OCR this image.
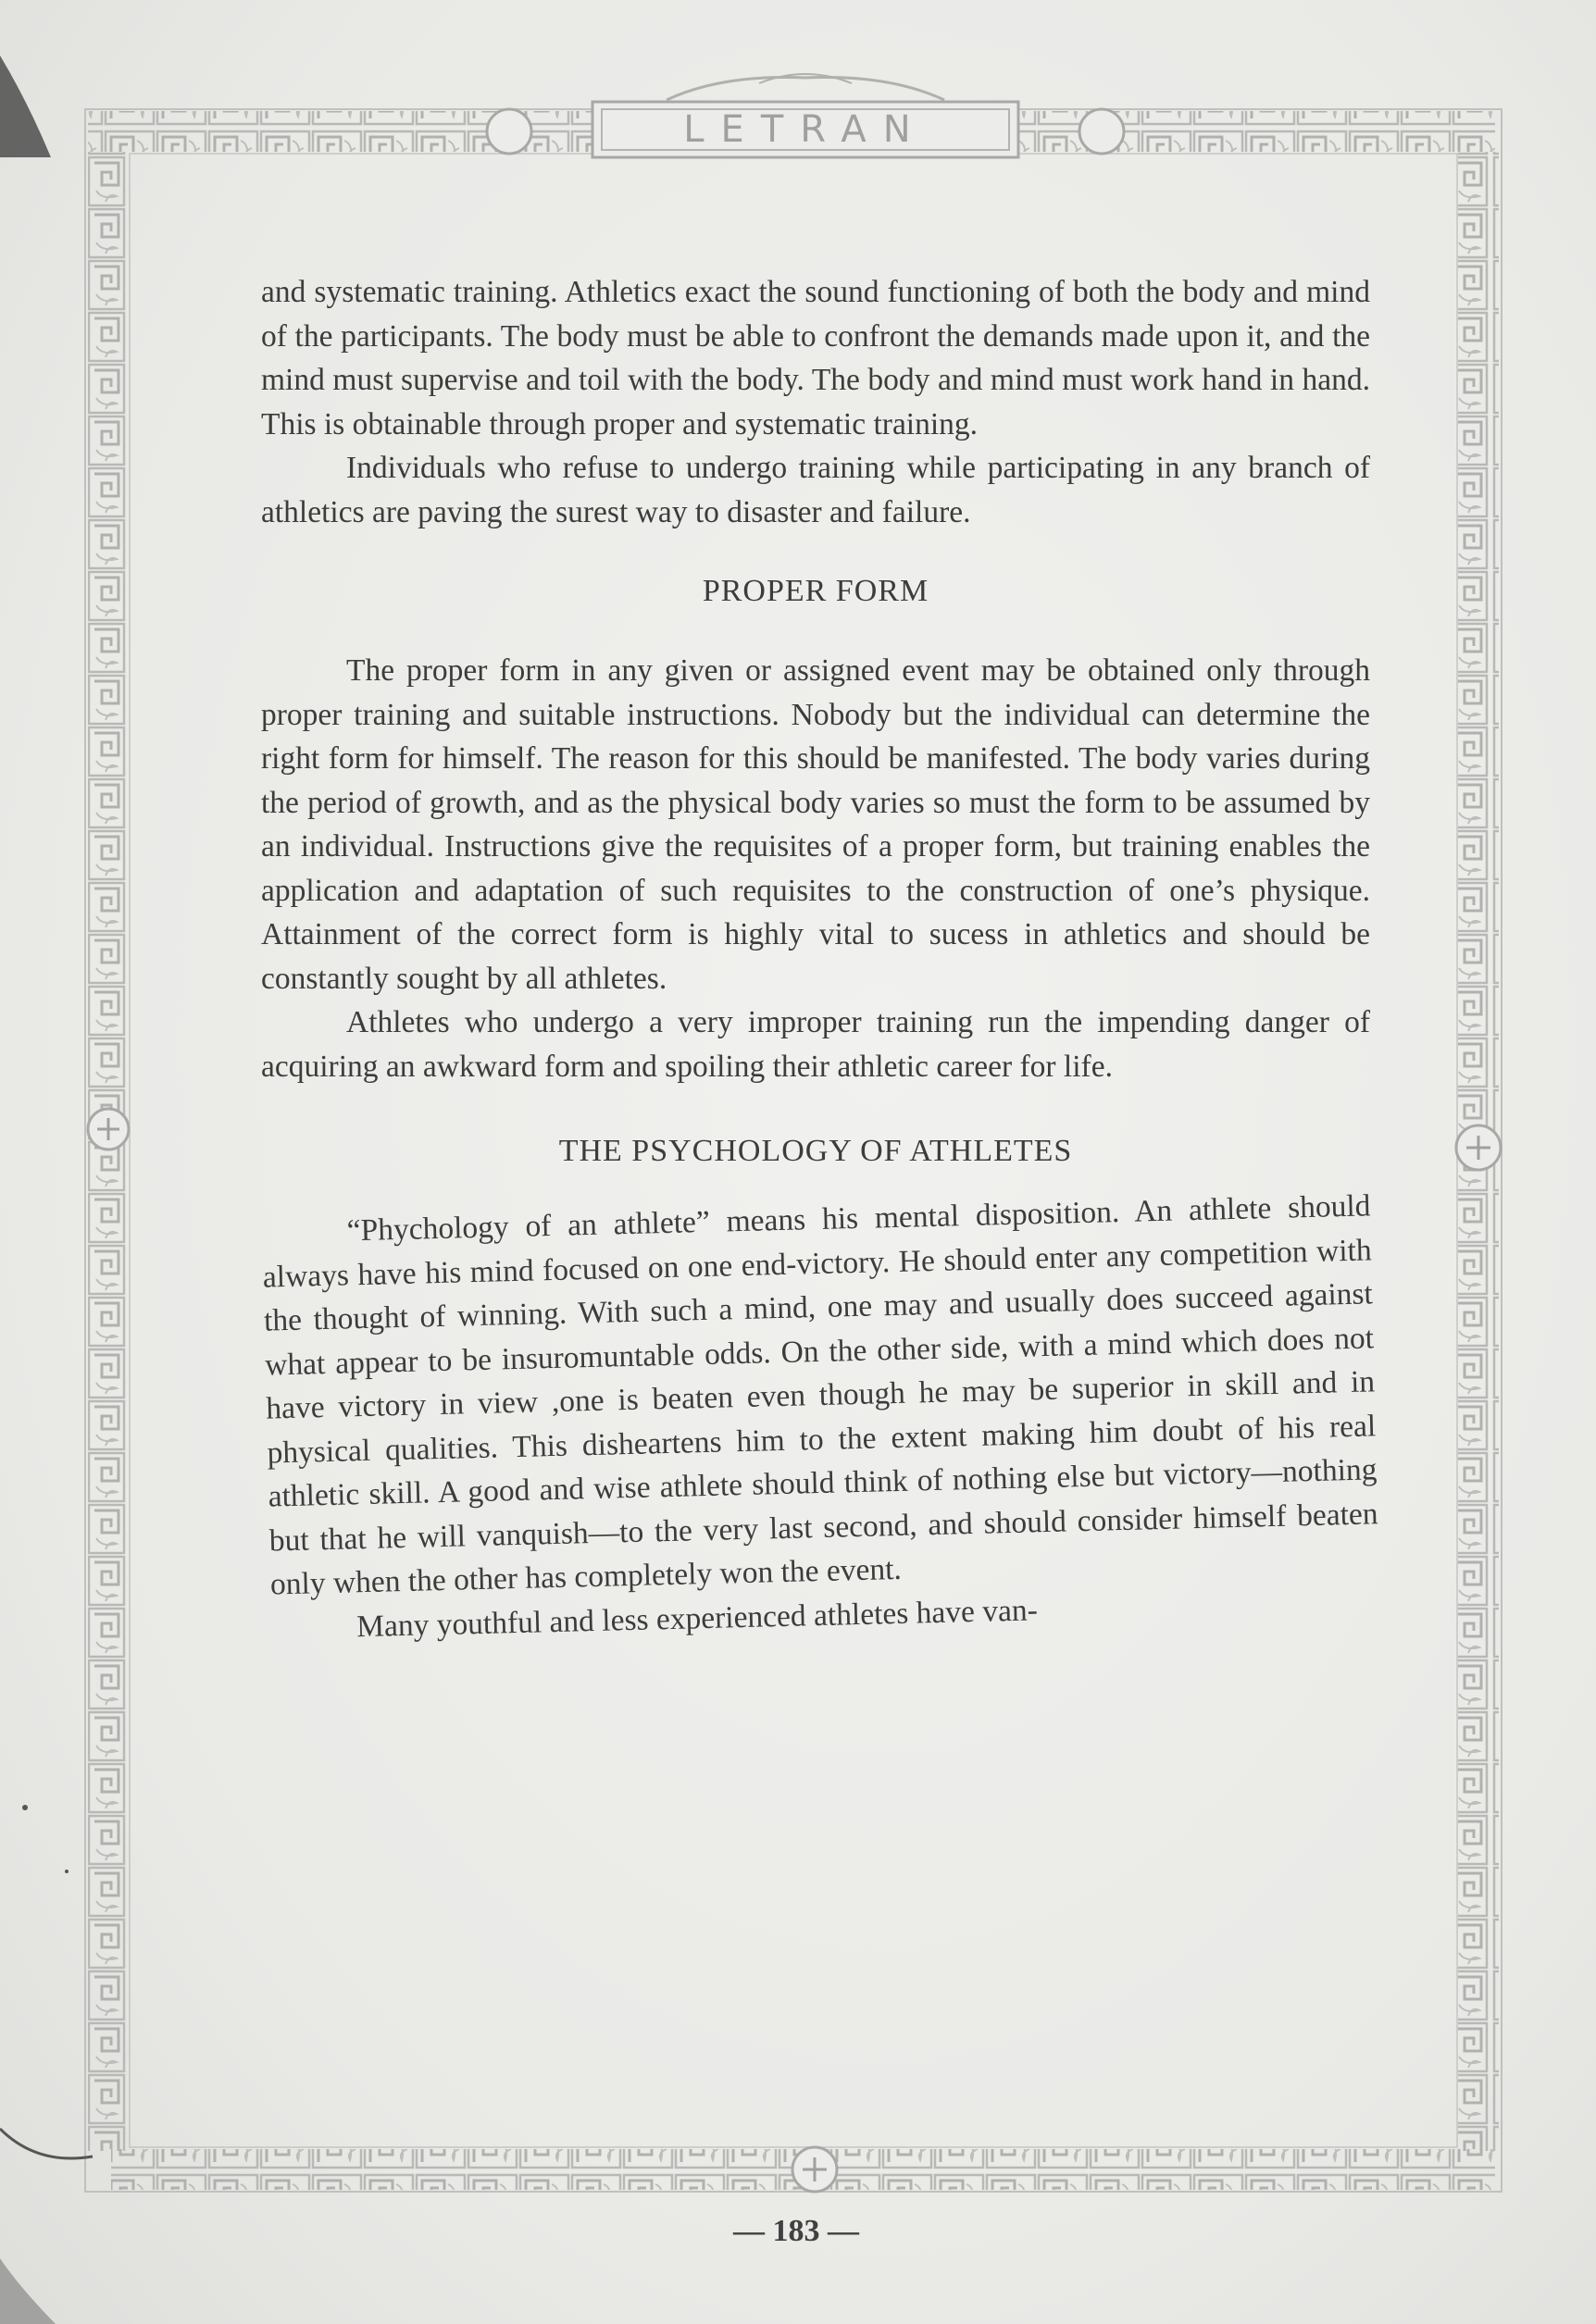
LETRAN

and systematic training. Athletics exact the sound functioning of both the body and mind of the participants. The body must be able to confront the demands made upon it, and the mind must supervise and toil with the body. The body and mind must work hand in hand. This is obtainable through proper and systematic training.

Individuals who refuse to undergo training while participating in any branch of athletics are paving the surest way to disaster and failure.

PROPER FORM

The proper form in any given or assigned event may be obtained only through proper training and suitable instructions. Nobody but the individual can determine the right form for himself. The reason for this should be manifested. The body varies during the period of growth, and as the physical body varies so must the form to be assumed by an individual. Instructions give the requisites of a proper form, but training enables the application and adaptation of such requisites to the construction of one’s physique. Attainment of the correct form is highly vital to sucess in athletics and should be constantly sought by all athletes.

Athletes who undergo a very improper training run the impending danger of acquiring an awkward form and spoiling their athletic career for life.

THE PSYCHOLOGY OF ATHLETES

“Phychology of an athlete” means his mental disposition. An athlete should always have his mind focused on one end-victory. He should enter any competition with the thought of winning. With such a mind, one may and usually does succeed against what appear to be insuromuntable odds. On the other side, with a mind which does not have victory in view ,one is beaten even though he may be superior in skill and in physical qualities. This disheartens him to the extent making him doubt of his real athletic skill. A good and wise athlete should think of nothing else but victory—nothing but that he will vanquish—to the very last second, and should consider himself beaten only when the other has completely won the event.

Many youthful and less experienced athletes have van-

— 183 —
